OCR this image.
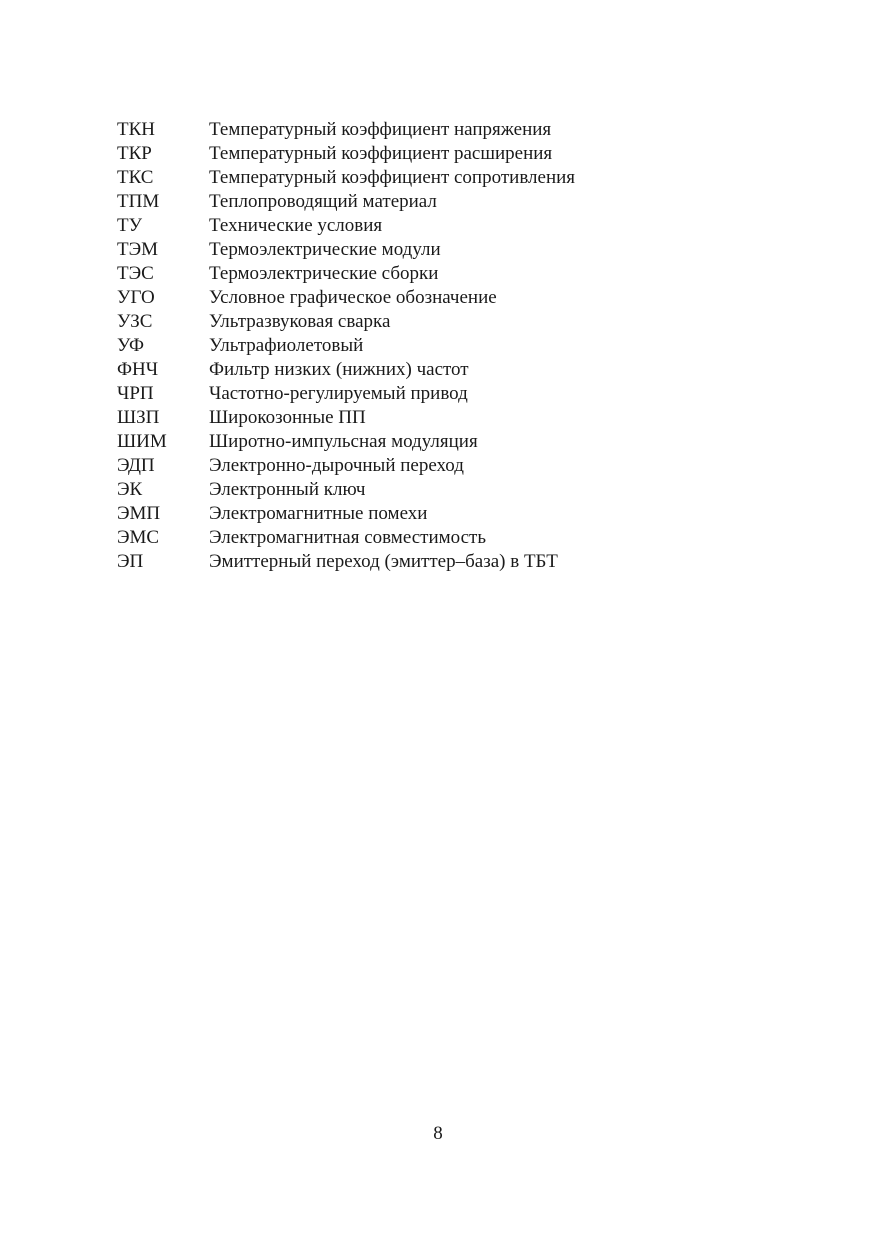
ТКН	Температурный коэффициент напряжения
ТКР	Температурный коэффициент расширения
ТКС	Температурный коэффициент сопротивления
ТПМ	Теплопроводящий материал
ТУ	Технические условия
ТЭМ	Термоэлектрические модули
ТЭС	Термоэлектрические сборки
УГО	Условное графическое обозначение
УЗС	Ультразвуковая сварка
УФ	Ультрафиолетовый
ФНЧ	Фильтр низких (нижних) частот
ЧРП	Частотно-регулируемый привод
ШЗП	Широкозонные ПП
ШИМ	Широтно-импульсная модуляция
ЭДП	Электронно-дырочный переход
ЭК	Электронный ключ
ЭМП	Электромагнитные помехи
ЭМС	Электромагнитная совместимость
ЭП	Эмиттерный переход (эмиттер–база) в ТБТ
8
